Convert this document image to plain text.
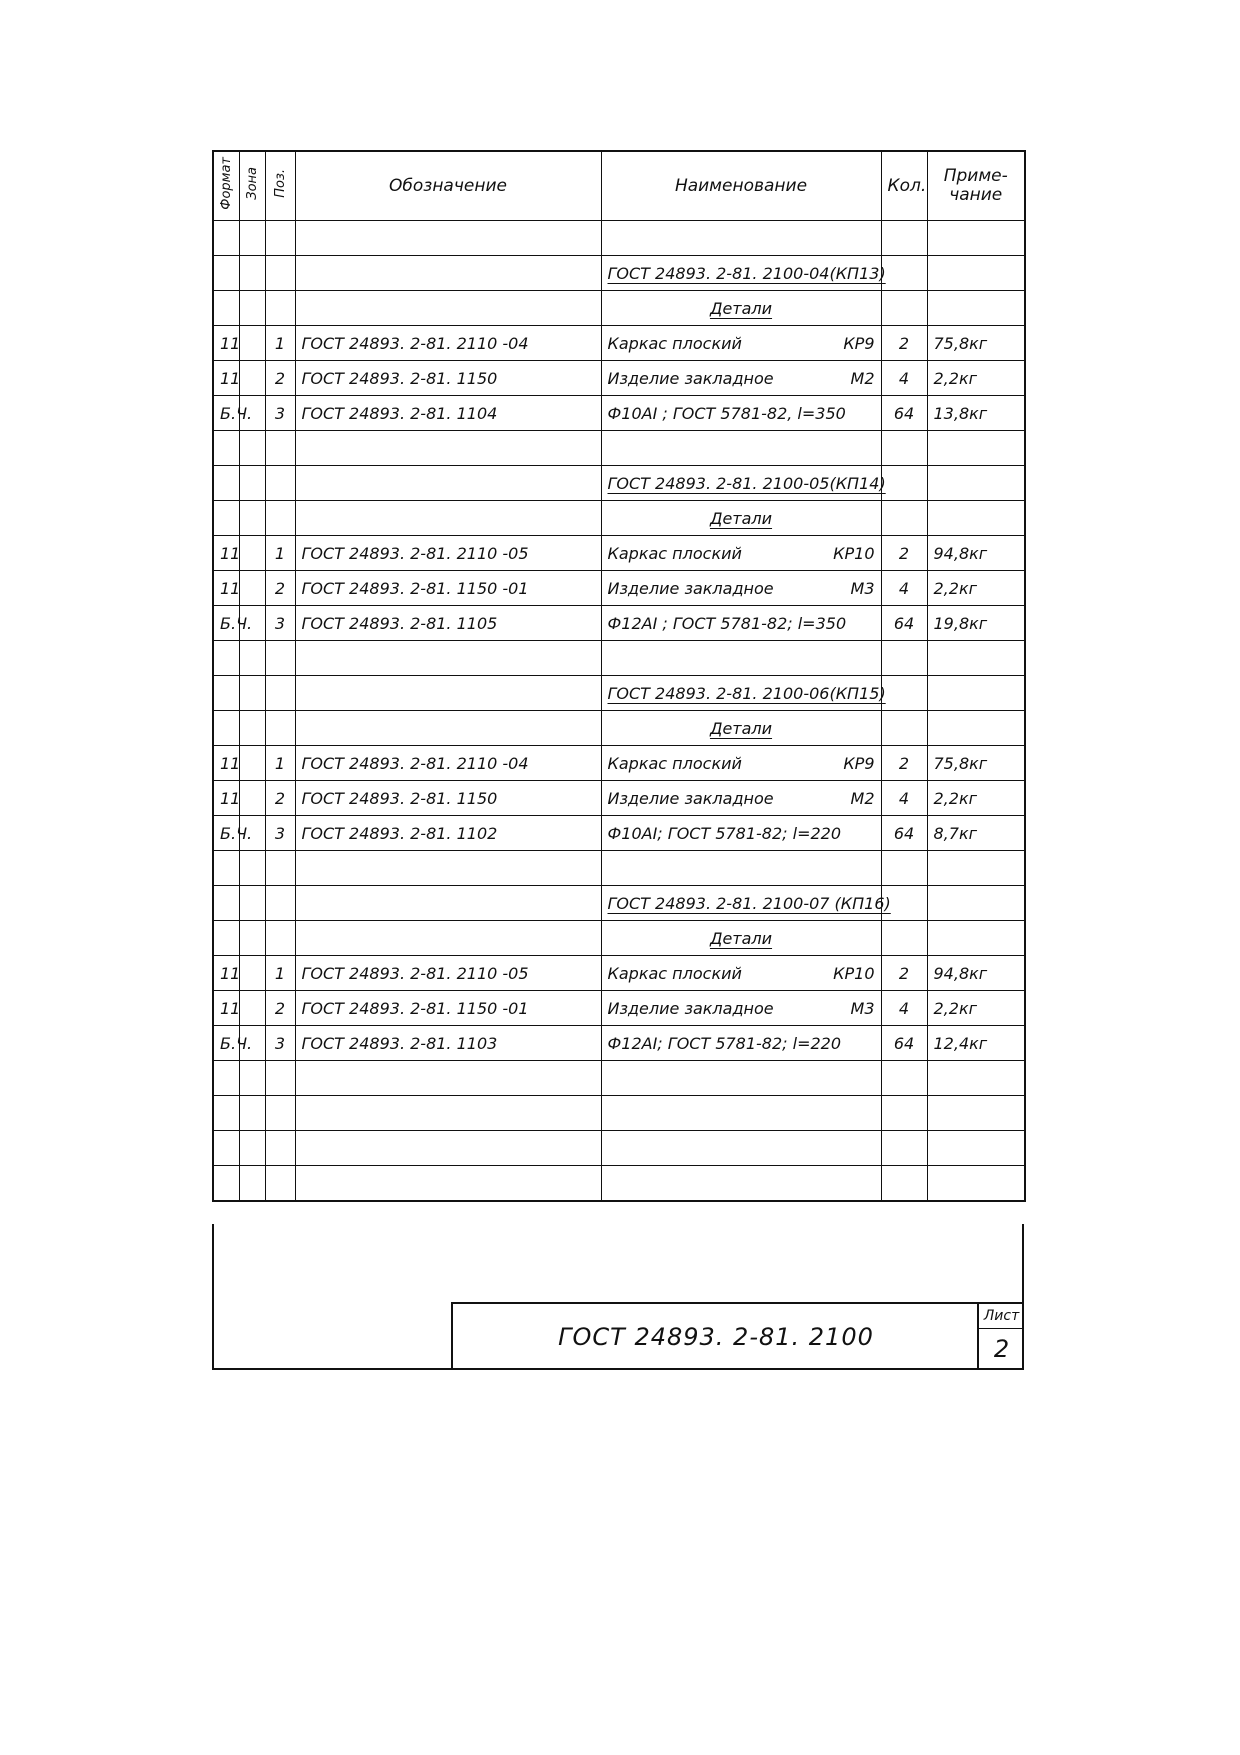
Формат	Зона	Поз.	Обозначение	Наименование	Кол.	Приме-
чание

				ГОСТ 24893. 2-81. 2100-04(КП13)		
				Детали		
11		1	ГОСТ 24893. 2-81. 2110 -04	Каркас плоский КР9	2	75,8кг
11		2	ГОСТ 24893. 2-81. 1150	Изделие закладное М2	4	2,2кг
Б.Ч.		3	ГОСТ 24893. 2-81. 1104	Ф10АI ; ГОСТ 5781-82, l=350	64	13,8кг

				ГОСТ 24893. 2-81. 2100-05(КП14)		
				Детали		
11		1	ГОСТ 24893. 2-81. 2110 -05	Каркас плоский КР10	2	94,8кг
11		2	ГОСТ 24893. 2-81. 1150 -01	Изделие закладное М3	4	2,2кг
Б.Ч.		3	ГОСТ 24893. 2-81. 1105	Ф12АI ; ГОСТ 5781-82; l=350	64	19,8кг

				ГОСТ 24893. 2-81. 2100-06(КП15)		
				Детали		
11		1	ГОСТ 24893. 2-81. 2110 -04	Каркас плоский КР9	2	75,8кг
11		2	ГОСТ 24893. 2-81. 1150	Изделие закладное М2	4	2,2кг
Б.Ч.		3	ГОСТ 24893. 2-81. 1102	Ф10АI; ГОСТ 5781-82; l=220	64	8,7кг

				ГОСТ 24893. 2-81. 2100-07 (КП16)		
				Детали		
11		1	ГОСТ 24893. 2-81. 2110 -05	Каркас плоский КР10	2	94,8кг
11		2	ГОСТ 24893. 2-81. 1150 -01	Изделие закладное М3	4	2,2кг
Б.Ч.		3	ГОСТ 24893. 2-81. 1103	Ф12АI; ГОСТ 5781-82; l=220	64	12,4кг

ГОСТ 24893. 2-81. 2100
Лист
2
